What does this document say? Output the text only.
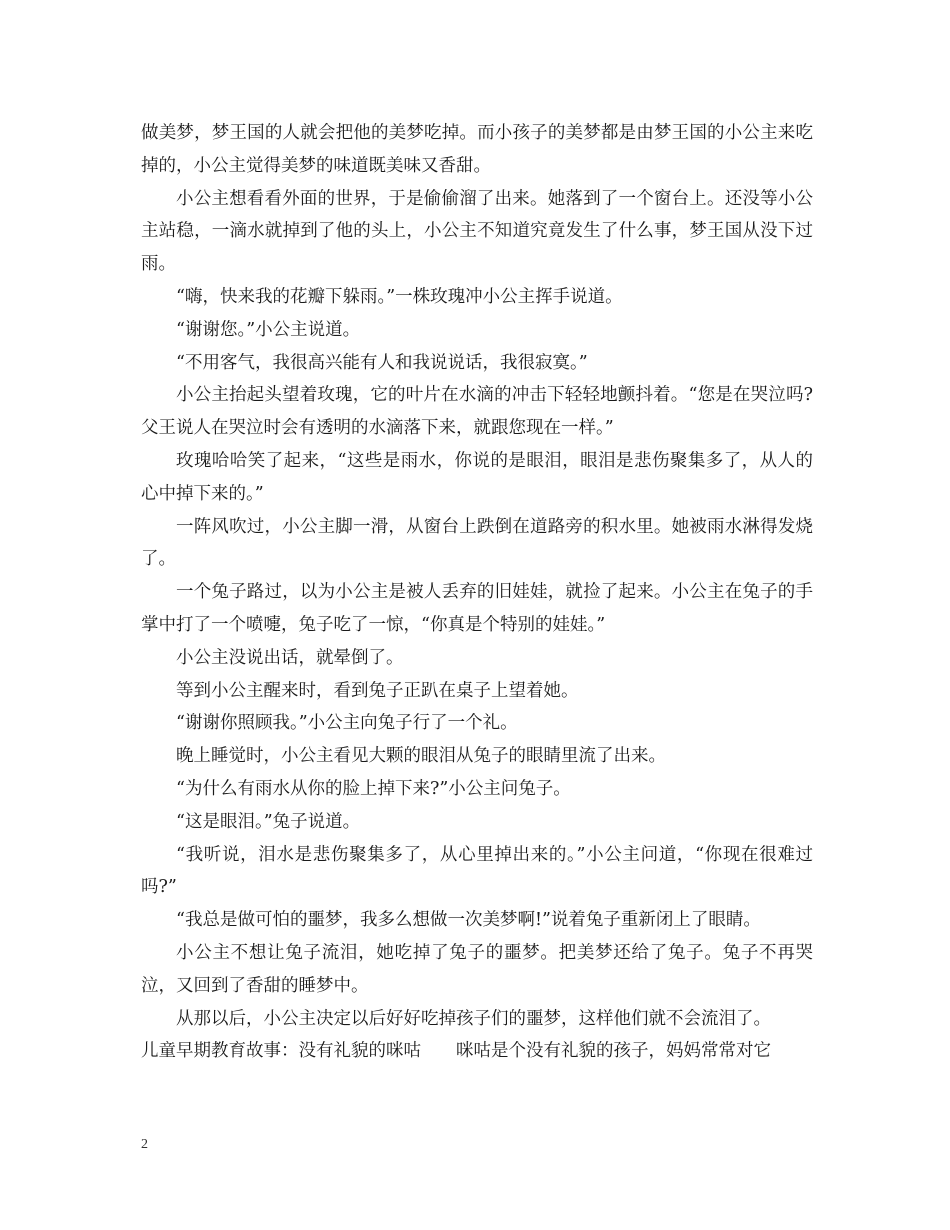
做美梦，梦王国的人就会把他的美梦吃掉。而小孩子的美梦都是由梦王国的小公主来吃掉的，小公主觉得美梦的味道既美味又香甜。

小公主想看看外面的世界，于是偷偷溜了出来。她落到了一个窗台上。还没等小公主站稳，一滴水就掉到了他的头上，小公主不知道究竟发生了什么事，梦王国从没下过雨。

“嗨，快来我的花瓣下躲雨。”一株玫瑰冲小公主挥手说道。

“谢谢您。”小公主说道。

“不用客气，我很高兴能有人和我说说话，我很寂寞。”

小公主抬起头望着玫瑰，它的叶片在水滴的冲击下轻轻地颤抖着。“您是在哭泣吗?父王说人在哭泣时会有透明的水滴落下来，就跟您现在一样。”

玫瑰哈哈笑了起来，“这些是雨水，你说的是眼泪，眼泪是悲伤聚集多了，从人的心中掉下来的。”

一阵风吹过，小公主脚一滑，从窗台上跌倒在道路旁的积水里。她被雨水淋得发烧了。

一个兔子路过，以为小公主是被人丢弃的旧娃娃，就捡了起来。小公主在兔子的手掌中打了一个喷嚏，兔子吃了一惊，“你真是个特别的娃娃。”

小公主没说出话，就晕倒了。

等到小公主醒来时，看到兔子正趴在桌子上望着她。

“谢谢你照顾我。”小公主向兔子行了一个礼。

晚上睡觉时，小公主看见大颗的眼泪从兔子的眼睛里流了出来。

“为什么有雨水从你的脸上掉下来?”小公主问兔子。

“这是眼泪。”兔子说道。

“我听说，泪水是悲伤聚集多了，从心里掉出来的。”小公主问道，“你现在很难过吗?”

“我总是做可怕的噩梦，我多么想做一次美梦啊!”说着兔子重新闭上了眼睛。

小公主不想让兔子流泪，她吃掉了兔子的噩梦。把美梦还给了兔子。兔子不再哭泣，又回到了香甜的睡梦中。

从那以后，小公主决定以后好好吃掉孩子们的噩梦，这样他们就不会流泪了。

儿童早期教育故事：没有礼貌的咪咕　　咪咕是个没有礼貌的孩子，妈妈常常对它

2
